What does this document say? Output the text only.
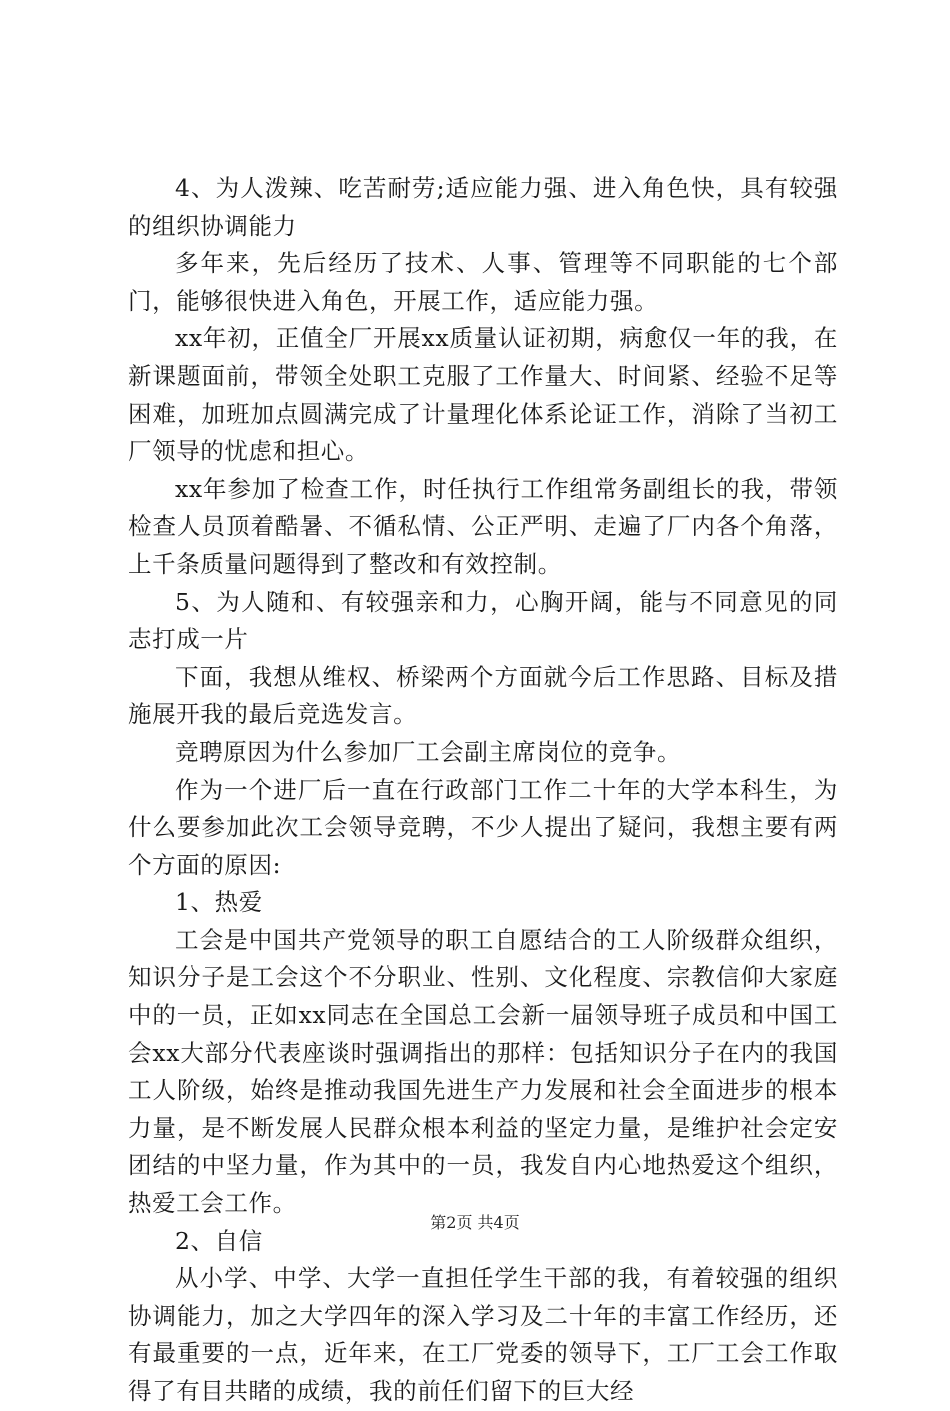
4、为人泼辣、吃苦耐劳;适应能力强、进入角色快，具有较强的组织协调能力

多年来，先后经历了技术、人事、管理等不同职能的七个部门，能够很快进入角色，开展工作，适应能力强。

xx年初，正值全厂开展xx质量认证初期，病愈仅一年的我，在新课题面前，带领全处职工克服了工作量大、时间紧、经验不足等困难，加班加点圆满完成了计量理化体系论证工作，消除了当初工厂领导的忧虑和担心。

xx年参加了检查工作，时任执行工作组常务副组长的我，带领检查人员顶着酷暑、不循私情、公正严明、走遍了厂内各个角落，上千条质量问题得到了整改和有效控制。

5、为人随和、有较强亲和力，心胸开阔，能与不同意见的同志打成一片

下面，我想从维权、桥梁两个方面就今后工作思路、目标及措施展开我的最后竞选发言。

竞聘原因为什么参加厂工会副主席岗位的竞争。

作为一个进厂后一直在行政部门工作二十年的大学本科生，为什么要参加此次工会领导竞聘，不少人提出了疑问，我想主要有两个方面的原因:

1、热爱

工会是中国共产党领导的职工自愿结合的工人阶级群众组织，知识分子是工会这个不分职业、性别、文化程度、宗教信仰大家庭中的一员，正如xx同志在全国总工会新一届领导班子成员和中国工会xx大部分代表座谈时强调指出的那样：包括知识分子在内的我国工人阶级，始终是推动我国先进生产力发展和社会全面进步的根本力量，是不断发展人民群众根本利益的坚定力量，是维护社会定安团结的中坚力量，作为其中的一员，我发自内心地热爱这个组织，热爱工会工作。

2、自信

从小学、中学、大学一直担任学生干部的我，有着较强的组织协调能力，加之大学四年的深入学习及二十年的丰富工作经历，还有最重要的一点，近年来，在工厂党委的领导下，工厂工会工作取得了有目共睹的成绩，我的前任们留下的巨大经

第2页 共4页
